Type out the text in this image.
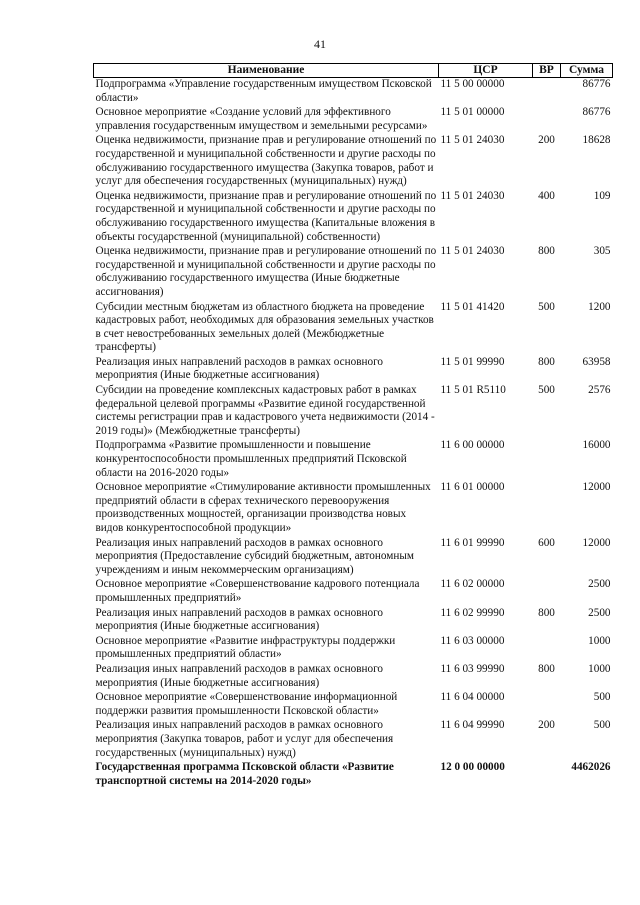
41
Наименование	ЦСР	ВР	Сумма
Подпрограмма «Управление государственным имуществом Псковской области»	11 5 00 00000		86776
Основное мероприятие «Создание условий для эффективного управления государственным имуществом и земельными ресурсами»	11 5 01 00000		86776
Оценка недвижимости, признание прав и регулирование отношений по государственной и муниципальной собственности и другие расходы по обслуживанию государственного имущества (Закупка товаров, работ и услуг для обеспечения государственных (муниципальных) нужд)	11 5 01 24030	200	18628
Оценка недвижимости, признание прав и регулирование отношений по государственной и муниципальной собственности и другие расходы по обслуживанию государственного имущества (Капитальные вложения в объекты государственной (муниципальной) собственности)	11 5 01 24030	400	109
Оценка недвижимости, признание прав и регулирование отношений по государственной и муниципальной собственности и другие расходы по обслуживанию государственного имущества (Иные бюджетные ассигнования)	11 5 01 24030	800	305
Субсидии местным бюджетам из областного бюджета на проведение кадастровых работ, необходимых для образования земельных участков в счет невостребованных земельных долей (Межбюджетные трансферты)	11 5 01 41420	500	1200
Реализация иных направлений расходов в рамках основного мероприятия (Иные бюджетные ассигнования)	11 5 01 99990	800	63958
Субсидии на проведение комплексных кадастровых работ в рамках федеральной целевой программы «Развитие единой государственной системы регистрации прав и кадастрового учета недвижимости (2014 - 2019 годы)» (Межбюджетные трансферты)	11 5 01 R5110	500	2576
Подпрограмма «Развитие промышленности и повышение конкурентоспособности промышленных предприятий Псковской области на 2016-2020 годы»	11 6 00 00000		16000
Основное мероприятие «Стимулирование активности промышленных предприятий области в сферах технического перевооружения производственных мощностей, организации производства новых видов конкурентоспособной продукции»	11 6 01 00000		12000
Реализация иных направлений расходов в рамках основного мероприятия (Предоставление субсидий бюджетным, автономным учреждениям и иным некоммерческим организациям)	11 6 01 99990	600	12000
Основное мероприятие «Совершенствование кадрового потенциала промышленных предприятий»	11 6 02 00000		2500
Реализация иных направлений расходов в рамках основного мероприятия (Иные бюджетные ассигнования)	11 6 02 99990	800	2500
Основное мероприятие «Развитие инфраструктуры поддержки промышленных предприятий области»	11 6 03 00000		1000
Реализация иных направлений расходов в рамках основного мероприятия (Иные бюджетные ассигнования)	11 6 03 99990	800	1000
Основное мероприятие «Совершенствование информационной поддержки развития промышленности Псковской области»	11 6 04 00000		500
Реализация иных направлений расходов в рамках основного мероприятия (Закупка товаров, работ и услуг для обеспечения государственных (муниципальных) нужд)	11 6 04 99990	200	500
Государственная программа Псковской области «Развитие транспортной системы на 2014-2020 годы»	12 0 00 00000		4462026
